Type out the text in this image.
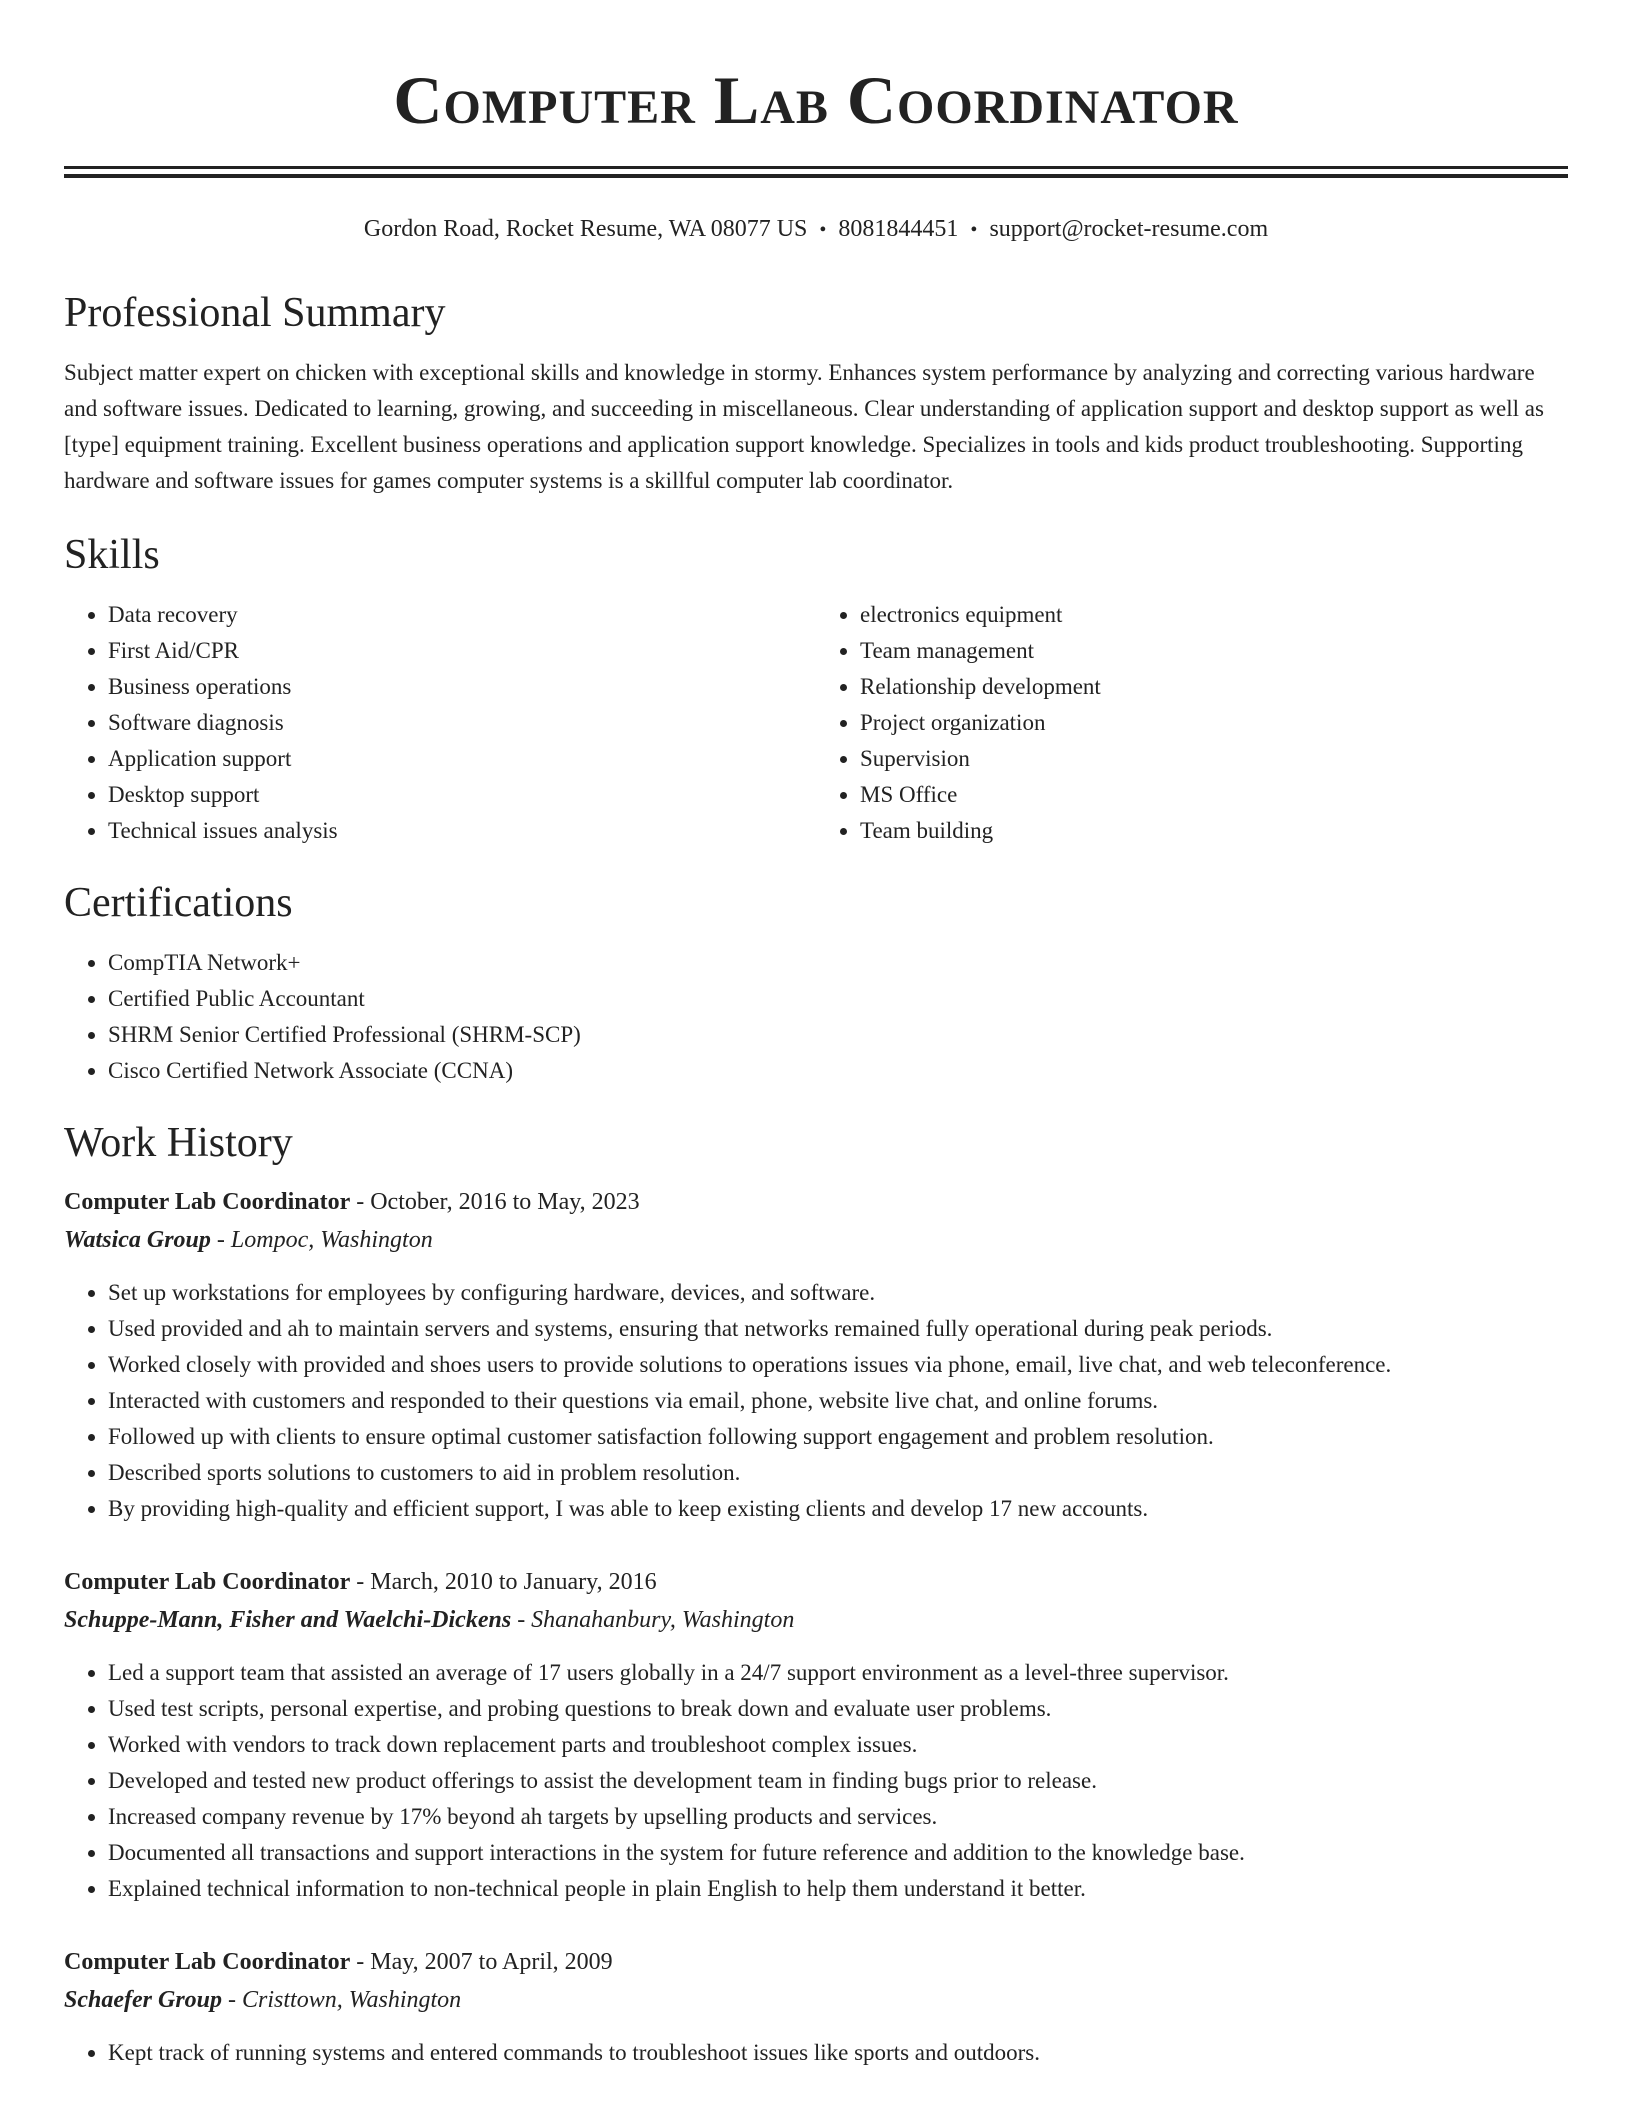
Computer Lab Coordinator
Gordon Road, Rocket Resume, WA 08077 US • 8081844451 • support@rocket-resume.com
Professional Summary

Subject matter expert on chicken with exceptional skills and knowledge in stormy. Enhances system performance by analyzing and correcting various hardware and software issues. Dedicated to learning, growing, and succeeding in miscellaneous. Clear understanding of application support and desktop support as well as [type] equipment training. Excellent business operations and application support knowledge. Specializes in tools and kids product troubleshooting. Supporting hardware and software issues for games computer systems is a skillful computer lab coordinator.

Skills
• Data recovery
• First Aid/CPR
• Business operations
• Software diagnosis
• Application support
• Desktop support
• Technical issues analysis
• electronics equipment
• Team management
• Relationship development
• Project organization
• Supervision
• MS Office
• Team building
Certifications
• CompTIA Network+
• Certified Public Accountant
• SHRM Senior Certified Professional (SHRM-SCP)
• Cisco Certified Network Associate (CCNA)
Work History
Computer Lab Coordinator - October, 2016 to May, 2023
Watsica Group - Lompoc, Washington
• Set up workstations for employees by configuring hardware, devices, and software.
• Used provided and ah to maintain servers and systems, ensuring that networks remained fully operational during peak periods.
• Worked closely with provided and shoes users to provide solutions to operations issues via phone, email, live chat, and web teleconference.
• Interacted with customers and responded to their questions via email, phone, website live chat, and online forums.
• Followed up with clients to ensure optimal customer satisfaction following support engagement and problem resolution.
• Described sports solutions to customers to aid in problem resolution.
• By providing high-quality and efficient support, I was able to keep existing clients and develop 17 new accounts.
Computer Lab Coordinator - March, 2010 to January, 2016
Schuppe-Mann, Fisher and Waelchi-Dickens - Shanahanbury, Washington
• Led a support team that assisted an average of 17 users globally in a 24/7 support environment as a level-three supervisor.
• Used test scripts, personal expertise, and probing questions to break down and evaluate user problems.
• Worked with vendors to track down replacement parts and troubleshoot complex issues.
• Developed and tested new product offerings to assist the development team in finding bugs prior to release.
• Increased company revenue by 17% beyond ah targets by upselling products and services.
• Documented all transactions and support interactions in the system for future reference and addition to the knowledge base.
• Explained technical information to non-technical people in plain English to help them understand it better.
Computer Lab Coordinator - May, 2007 to April, 2009
Schaefer Group - Cristtown, Washington
• Kept track of running systems and entered commands to troubleshoot issues like sports and outdoors.
